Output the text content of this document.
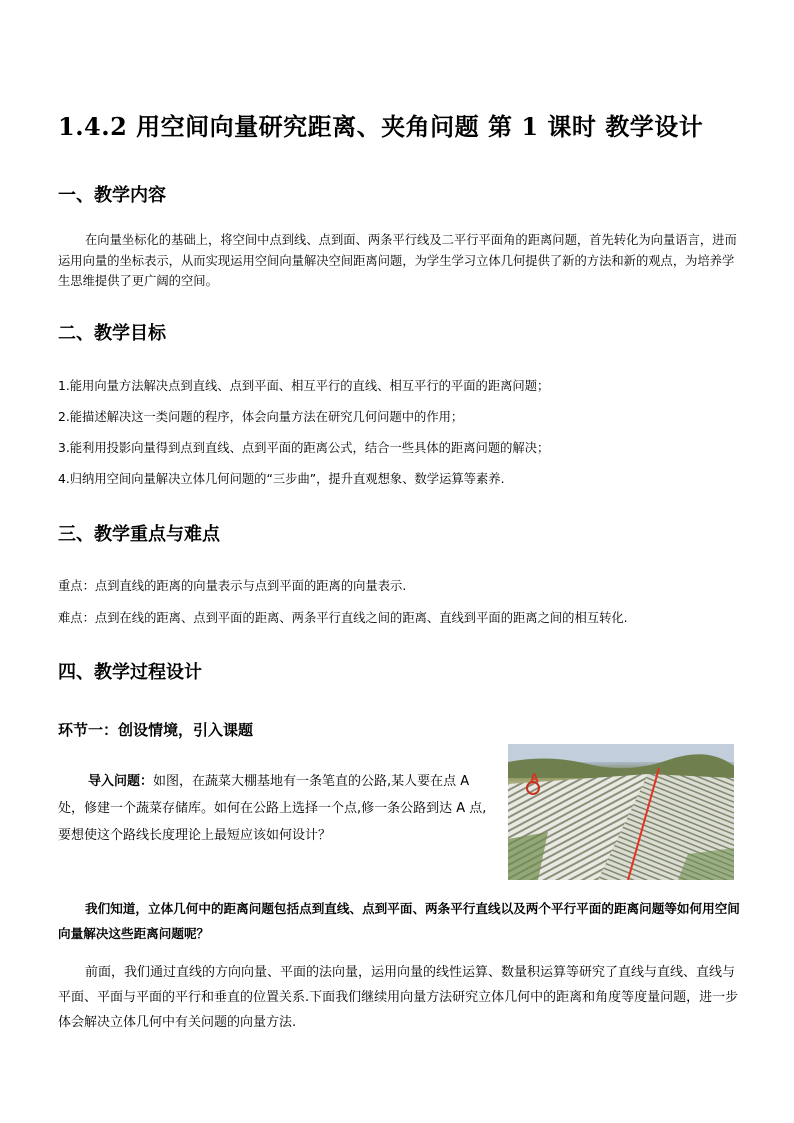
1.4.2 用空间向量研究距离、夹角问题 第 1 课时 教学设计
一、教学内容

在向量坐标化的基础上，将空间中点到线、点到面、两条平行线及二平行平面角的距离问题，首先转化为向量语言，进而运用向量的坐标表示，从而实现运用空间向量解决空间距离问题，为学生学习立体几何提供了新的方法和新的观点，为培养学生思维提供了更广阔的空间。

二、教学目标

1.能用向量方法解决点到直线、点到平面、相互平行的直线、相互平行的平面的距离问题；

2.能描述解决这一类问题的程序，体会向量方法在研究几何问题中的作用；

3.能利用投影向量得到点到直线、点到平面的距离公式，结合一些具体的距离问题的解决；

4.归纳用空间向量解决立体几何问题的“三步曲”，提升直观想象、数学运算等素养.

三、教学重点与难点

重点：点到直线的距离的向量表示与点到平面的距离的向量表示.

难点：点到在线的距离、点到平面的距离、两条平行直线之间的距离、直线到平面的距离之间的相互转化.

四、教学过程设计
环节一：创设情境，引入课题

导入问题：如图，在蔬菜大棚基地有一条笔直的公路,某人要在点 A 处，修建一个蔬菜存储库。如何在公路上选择一个点,修一条公路到达 A 点,要想使这个路线长度理论上最短应该如何设计？

A

我们知道，立体几何中的距离问题包括点到直线、点到平面、两条平行直线以及两个平行平面的距离问题等如何用空间向量解决这些距离问题呢？

前面，我们通过直线的方向向量、平面的法向量，运用向量的线性运算、数量积运算等研究了直线与直线、直线与平面、平面与平面的平行和垂直的位置关系.下面我们继续用向量方法研究立体几何中的距离和角度等度量问题，进一步体会解决立体几何中有关问题的向量方法.
